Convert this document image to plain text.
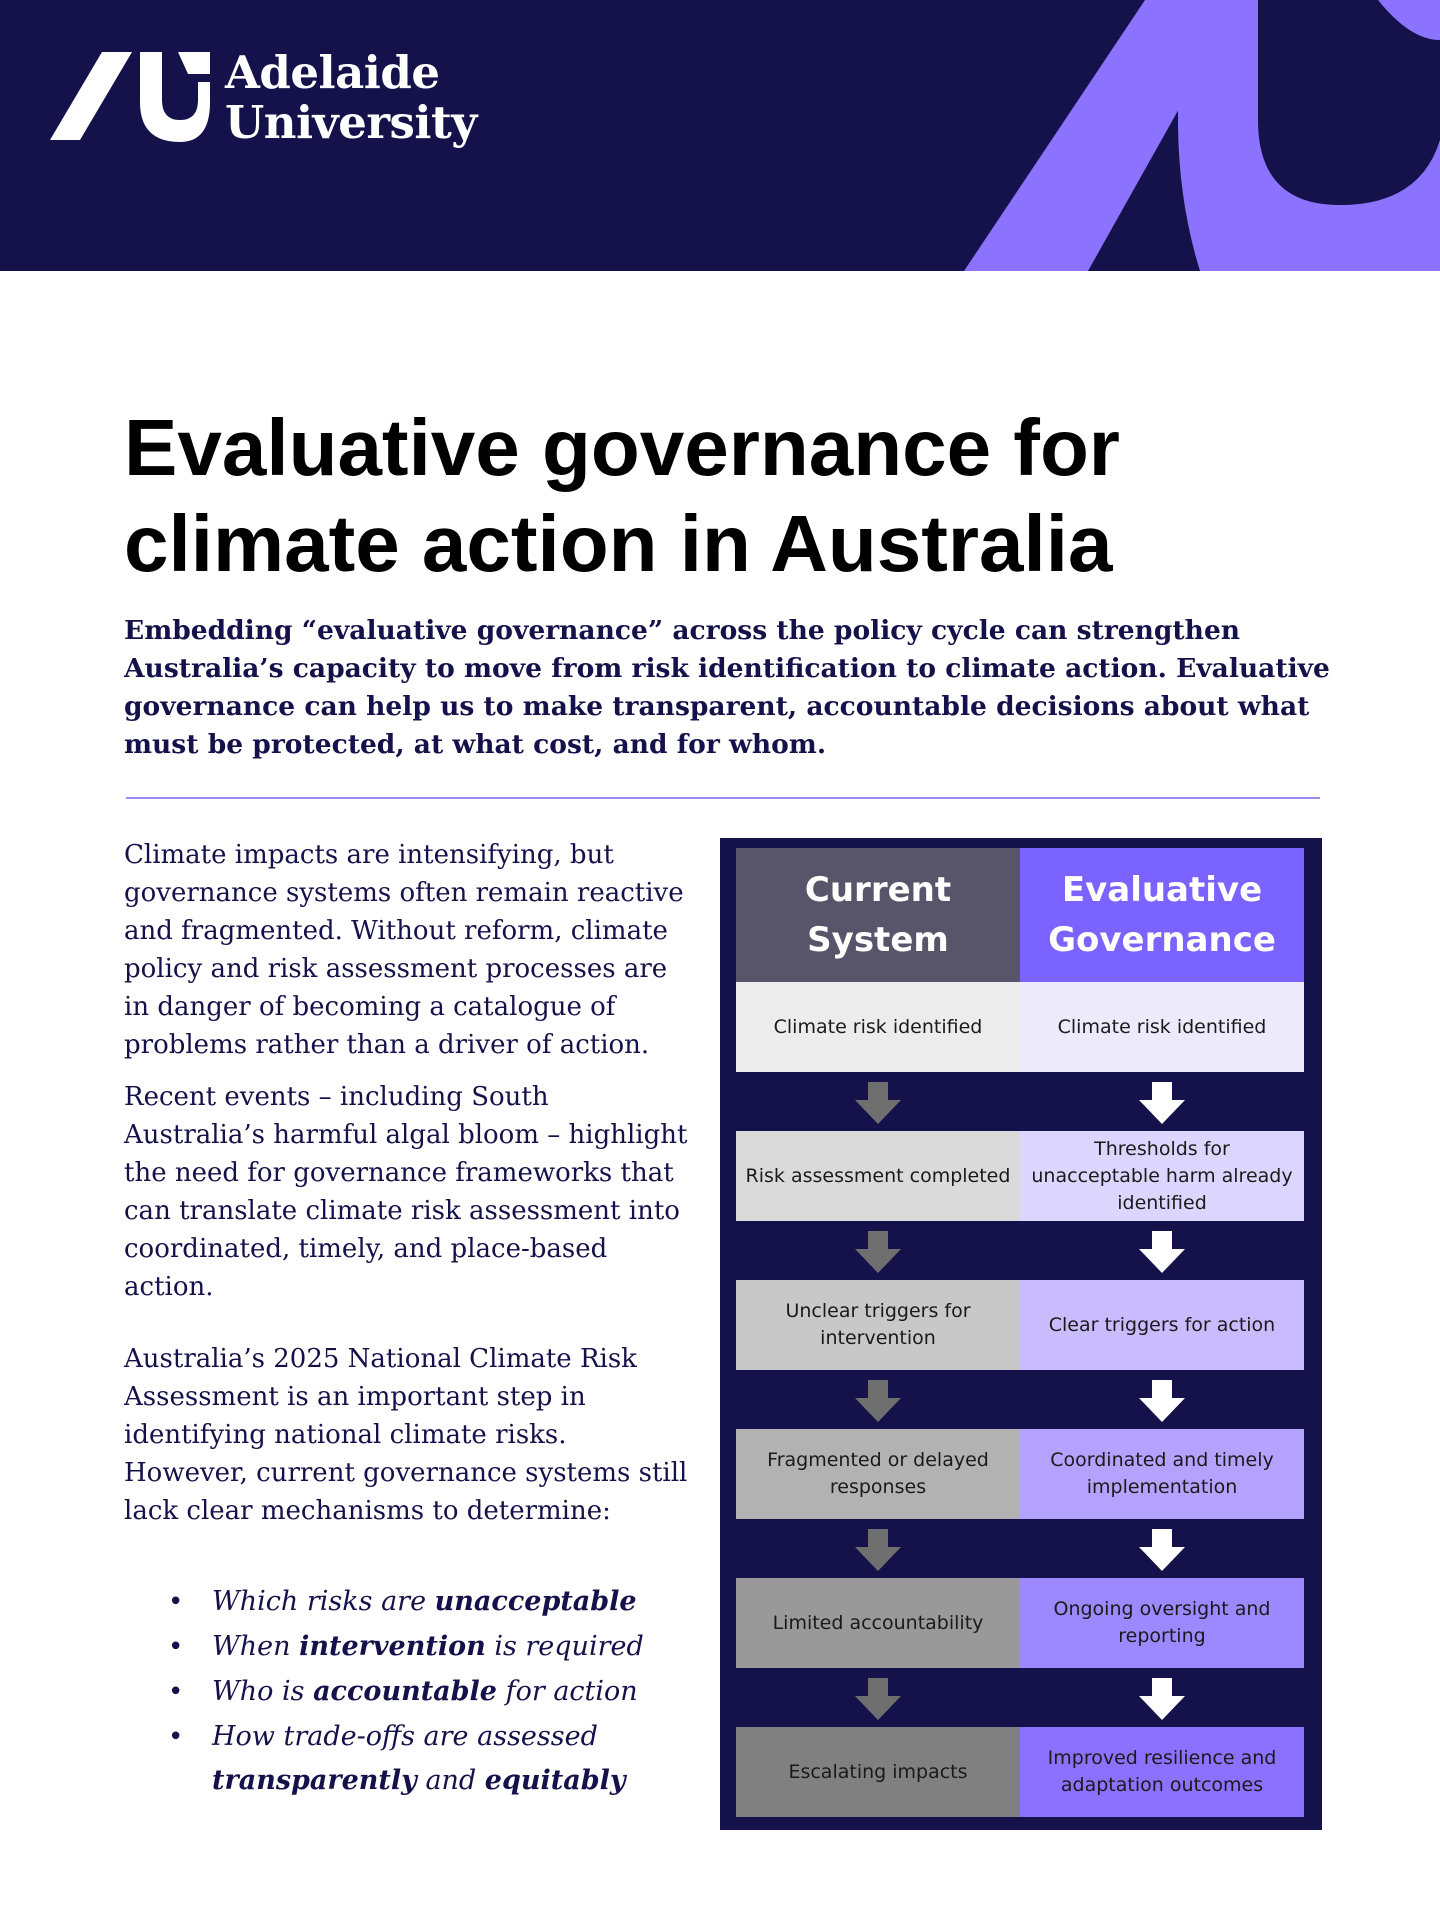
Adelaide
University
Evaluative governance for
climate action in Australia

Embedding “evaluative governance” across the policy cycle can strengthen Australia’s capacity to move from risk identification to climate action. Evaluative governance can help us to make transparent, accountable decisions about what must be protected, at what cost, and for whom.

Climate impacts are intensifying, but governance systems often remain reactive and fragmented. Without reform, climate policy and risk assessment processes are in danger of becoming a catalogue of problems rather than a driver of action.

Recent events – including South Australia’s harmful algal bloom – highlight the need for governance frameworks that can translate climate risk assessment into coordinated, timely, and place-based action.

Australia’s 2025 National Climate Risk Assessment is an important step in identifying national climate risks. However, current governance systems still lack clear mechanisms to determine:

• Which risks are unacceptable
• When intervention is required
• Who is accountable for action
• How trade-offs are assessed
transparently and equitably
Current
System
Evaluative
Governance
Climate risk identified	Climate risk identified
Risk assessment completed
Thresholds for unacceptable harm already identified
Unclear triggers for intervention
Clear triggers for action
Fragmented or delayed responses
Coordinated and timely implementation
Limited accountability
Ongoing oversight and reporting
Escalating impacts
Improved resilience and adaptation outcomes
